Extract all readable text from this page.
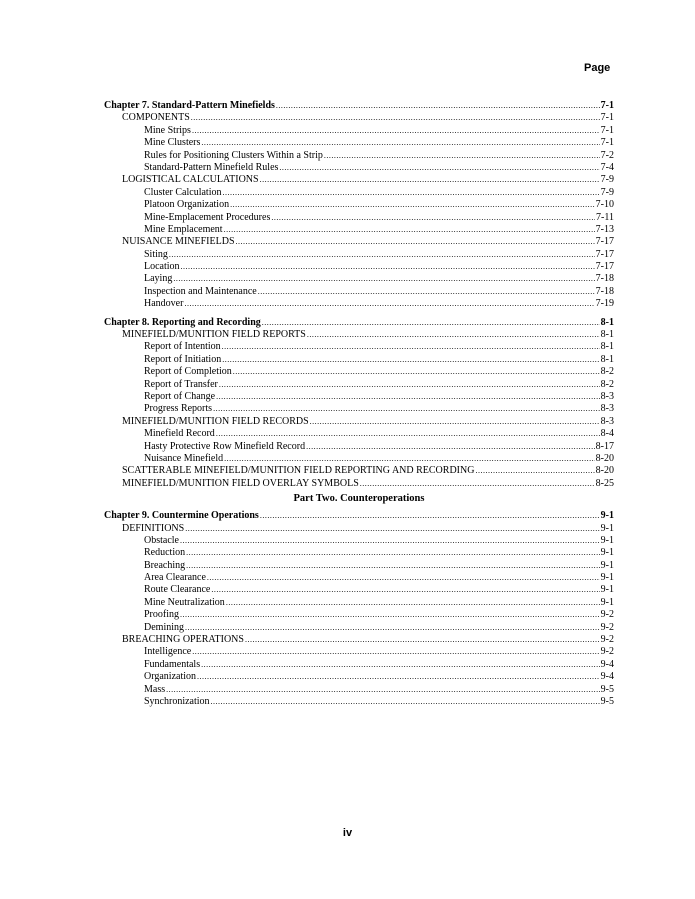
Page
Chapter 7. Standard-Pattern Minefields .....	7-1
COMPONENTS .....	7-1
Mine Strips .....	7-1
Mine Clusters .....	7-1
Rules for Positioning Clusters Within a Strip .....	7-2
Standard-Pattern Minefield Rules .....	7-4
LOGISTICAL CALCULATIONS .....	7-9
Cluster Calculation .....	7-9
Platoon Organization .....	7-10
Mine-Emplacement Procedures .....	7-11
Mine Emplacement .....	7-13
NUISANCE MINEFIELDS .....	7-17
Siting .....	7-17
Location .....	7-17
Laying .....	7-18
Inspection and Maintenance .....	7-18
Handover .....	7-19
Chapter 8. Reporting and Recording .....	8-1
MINEFIELD/MUNITION FIELD REPORTS .....	8-1
Report of Intention .....	8-1
Report of Initiation .....	8-1
Report of Completion .....	8-2
Report of Transfer .....	8-2
Report of Change .....	8-3
Progress Reports .....	8-3
MINEFIELD/MUNITION FIELD RECORDS .....	8-3
Minefield Record .....	8-4
Hasty Protective Row Minefield Record .....	8-17
Nuisance Minefield .....	8-20
SCATTERABLE MINEFIELD/MUNITION FIELD REPORTING AND RECORDING .....	8-20
MINEFIELD/MUNITION FIELD OVERLAY SYMBOLS .....	8-25
Part Two. Counteroperations
Chapter 9. Countermine Operations .....	9-1
DEFINITIONS .....	9-1
Obstacle .....	9-1
Reduction .....	9-1
Breaching .....	9-1
Area Clearance .....	9-1
Route Clearance .....	9-1
Mine Neutralization .....	9-1
Proofing .....	9-2
Demining .....	9-2
BREACHING OPERATIONS .....	9-2
Intelligence .....	9-2
Fundamentals .....	9-4
Organization .....	9-4
Mass .....	9-5
Synchronization .....	9-5
iv
